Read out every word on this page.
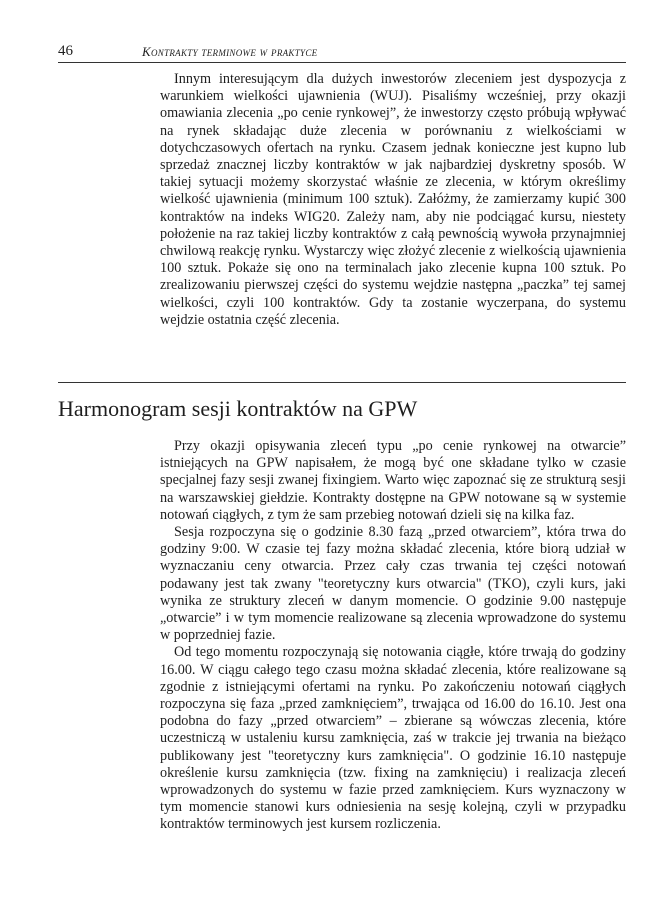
46	Kontrakty terminowe w praktyce

Innym interesującym dla dużych inwestorów zleceniem jest dyspozycja z warunkiem wielkości ujawnienia (WUJ). Pisaliśmy wcześniej, przy okazji omawiania zlecenia „po cenie rynkowej”, że inwestorzy często próbują wpływać na rynek składając duże zlecenia w porównaniu z wielkościami w dotychczasowych ofertach na rynku. Czasem jednak konieczne jest kupno lub sprzedaż znacznej liczby kontraktów w jak najbardziej dyskretny sposób. W takiej sytuacji możemy skorzystać właśnie ze zlecenia, w którym określimy wielkość ujawnienia (minimum 100 sztuk). Załóżmy, że zamierzamy kupić 300 kontraktów na indeks WIG20. Zależy nam, aby nie podciągać kursu, niestety położenie na raz takiej liczby kontraktów z całą pewnością wywoła przynajmniej chwilową reakcję rynku. Wystarczy więc złożyć zlecenie z wielkością ujawnienia 100 sztuk. Pokaże się ono na terminalach jako zlecenie kupna 100 sztuk. Po zrealizowaniu pierwszej części do systemu wejdzie następna „paczka” tej samej wielkości, czyli 100 kontraktów. Gdy ta zostanie wyczerpana, do systemu wejdzie ostatnia część zlecenia.

Harmonogram sesji kontraktów na GPW

Przy okazji opisywania zleceń typu „po cenie rynkowej na otwarcie” istniejących na GPW napisałem, że mogą być one składane tylko w czasie specjalnej fazy sesji zwanej fixingiem. Warto więc zapoznać się ze strukturą sesji na warszawskiej giełdzie. Kontrakty dostępne na GPW notowane są w systemie notowań ciągłych, z tym że sam przebieg notowań dzieli się na kilka faz.

Sesja rozpoczyna się o godzinie 8.30 fazą „przed otwarciem”, która trwa do godziny 9:00. W czasie tej fazy można składać zlecenia, które biorą udział w wyznaczaniu ceny otwarcia. Przez cały czas trwania tej części notowań podawany jest tak zwany "teoretyczny kurs otwarcia" (TKO), czyli kurs, jaki wynika ze struktury zleceń w danym momencie. O godzinie 9.00 następuje „otwarcie” i w tym momencie realizowane są zlecenia wprowadzone do systemu w poprzedniej fazie.

Od tego momentu rozpoczynają się notowania ciągłe, które trwają do godziny 16.00. W ciągu całego tego czasu można składać zlecenia, które realizowane są zgodnie z istniejącymi ofertami na rynku. Po zakończeniu notowań ciągłych rozpoczyna się faza „przed zamknięciem”, trwająca od 16.00 do 16.10. Jest ona podobna do fazy „przed otwarciem” – zbierane są wówczas zlecenia, które uczestniczą w ustaleniu kursu zamknięcia, zaś w trakcie jej trwania na bieżąco publikowany jest "teoretyczny kurs zamknięcia". O godzinie 16.10 następuje określenie kursu zamknięcia (tzw. fixing na zamknięciu) i realizacja zleceń wprowadzonych do systemu w fazie przed zamknięciem. Kurs wyznaczony w tym momencie stanowi kurs odniesienia na sesję kolejną, czyli w przypadku kontraktów terminowych jest kursem rozliczenia.
